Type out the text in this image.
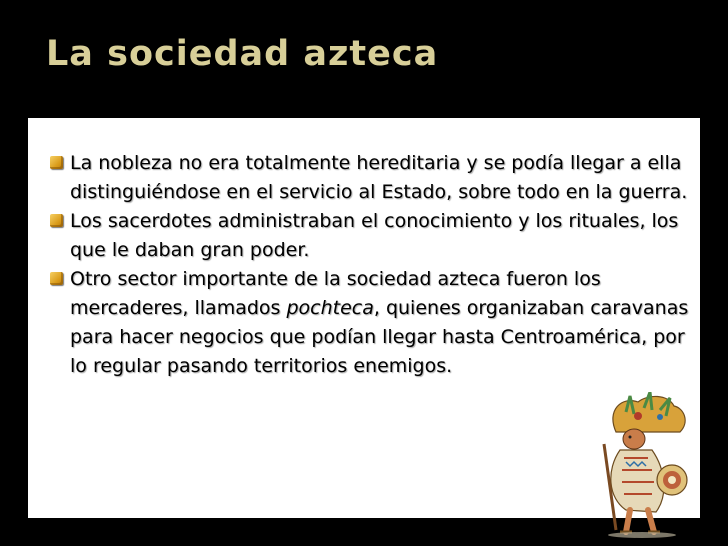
La sociedad azteca
La nobleza no era totalmente hereditaria y se podía llegar a ella distinguiéndose en el servicio al Estado, sobre todo en la guerra.
Los sacerdotes administraban el conocimiento y los rituales, los que le daban gran poder.
Otro sector importante de la sociedad azteca fueron los mercaderes, llamados pochteca, quienes organizaban caravanas para hacer negocios que podían llegar hasta Centroamérica, por lo regular pasando territorios enemigos.
